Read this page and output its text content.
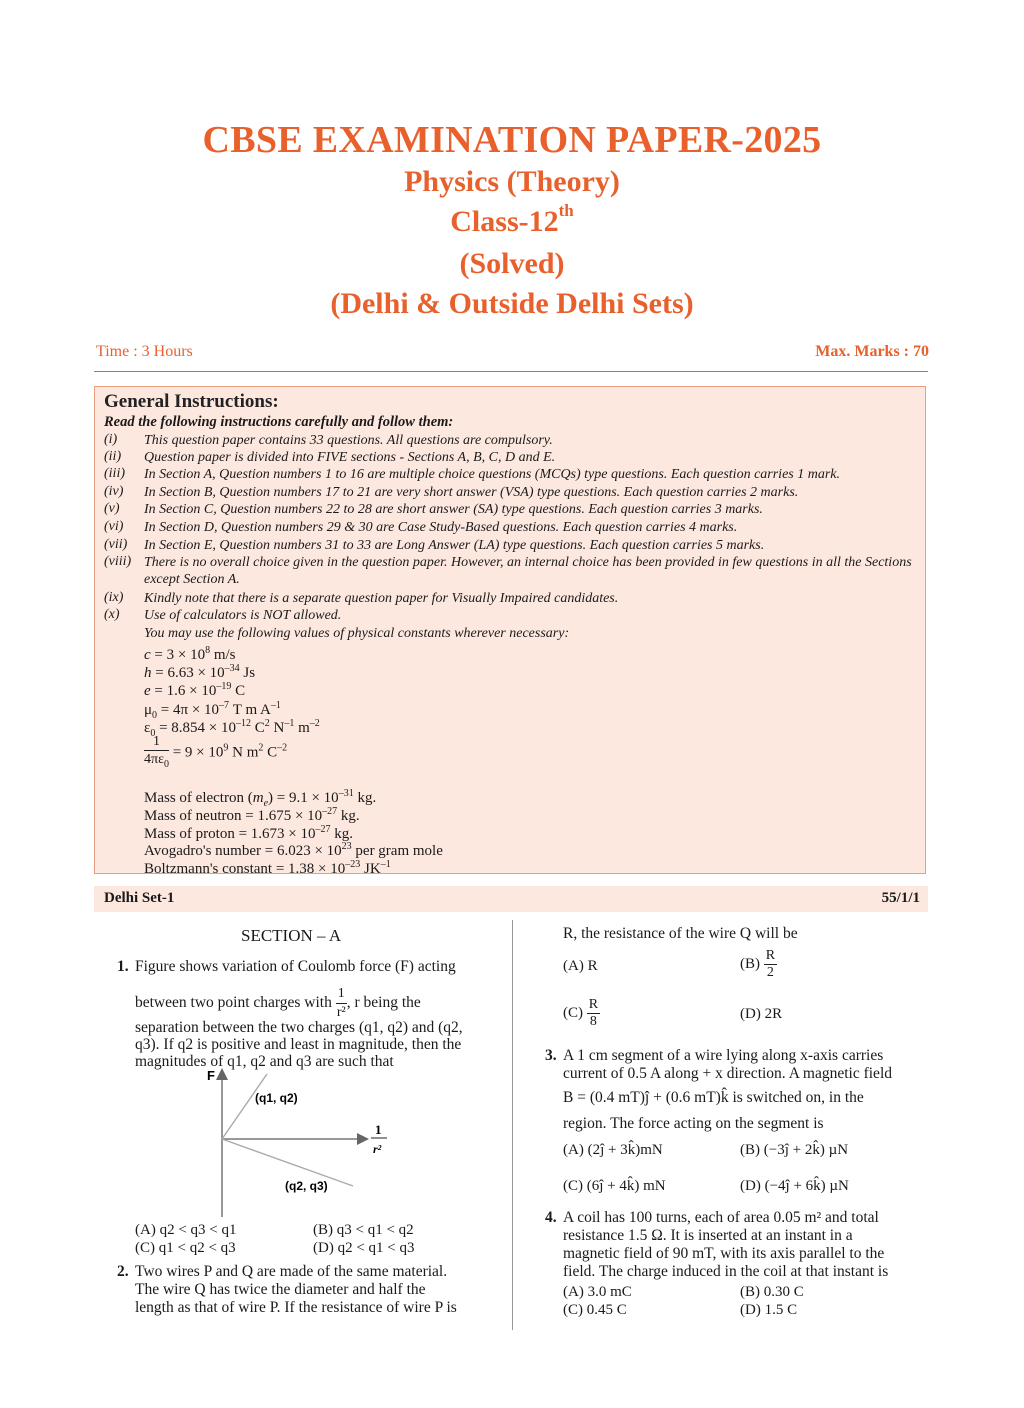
CBSE EXAMINATION PAPER-2025
Physics (Theory)
Class-12th
(Solved)
(Delhi & Outside Delhi Sets)
Time : 3 Hours	Max. Marks : 70
General Instructions:
Read the following instructions carefully and follow them:
(i) This question paper contains 33 questions. All questions are compulsory.
(ii) Question paper is divided into FIVE sections - Sections A, B, C, D and E.
(iii) In Section A, Question numbers 1 to 16 are multiple choice questions (MCQs) type questions. Each question carries 1 mark.
(iv) In Section B, Question numbers 17 to 21 are very short answer (VSA) type questions. Each question carries 2 marks.
(v) In Section C, Question numbers 22 to 28 are short answer (SA) type questions. Each question carries 3 marks.
(vi) In Section D, Question numbers 29 & 30 are Case Study-Based questions. Each question carries 4 marks.
(vii) In Section E, Question numbers 31 to 33 are Long Answer (LA) type questions. Each question carries 5 marks.
(viii) There is no overall choice given in the question paper. However, an internal choice has been provided in few questions in all the Sections except Section A.
(ix) Kindly note that there is a separate question paper for Visually Impaired candidates.
(x) Use of calculators is NOT allowed.
You may use the following values of physical constants wherever necessary:
$c = 3 \times 10^8$ m/s
$h = 6.63 \times 10^{-34}$ Js
$e = 1.6 \times 10^{-19}$ C
$\mu_0 = 4\pi \times 10^{-7}$ T m $A^{-1}$
$\varepsilon_0 = 8.854 \times 10^{-12}$ $C^2$ $N^{-1}$ $m^{-2}$
$\frac{1}{4\pi\varepsilon_0} = 9 \times 10^9$ N $m^2$ $C^{-2}$
Mass of electron $(m_e) = 9.1 \times 10^{-31}$ kg.
Mass of neutron = $1.675 \times 10^{-27}$ kg.
Mass of proton = $1.673 \times 10^{-27}$ kg.
Avogadro's number = $6.023 \times 10^{23}$ per gram mole
Boltzmann's constant = $1.38 \times 10^{-23}$ $JK^{-1}$
Delhi Set-1	55/1/1
SECTION – A
1. Figure shows variation of Coulomb force (F) acting
between two point charges with $\frac{1}{\text{r²}}$ , r being the
separation between the two charges (q1, q2) and (q2,
q3). If q2 is positive and least in magnitude, then the
magnitudes of q1, q2 and q3 are such that
F
1
r²
(q1, q2)
(q2, q3)
(A) q2 < q3 < q1	(B) q3 < q1 < q2
(C) q1 < q2 < q3	(D) q2 < q1 < q3
2. Two wires P and Q are made of the same material.
The wire Q has twice the diameter and half the
length as that of wire P. If the resistance of wire P is
R, the resistance of the wire Q will be
(A) R	$(B) \frac{R}{2}$
$(C) \frac{R}{8}$	(D) 2R
3. A 1 cm segment of a wire lying along x-axis carries
current of 0.5 A along + x direction. A magnetic field
B = (0.4 mT)ĵ + (0.6 mT)k̂ is switched on, in the
region. The force acting on the segment is
(A) (2ĵ + 3k̂)mN	(B) (−3ĵ + 2k̂) µN
(C) (6ĵ + 4k̂) mN	(D) (−4ĵ + 6k̂) µN
4. A coil has 100 turns, each of area 0.05 m² and total
resistance 1.5 Ω. It is inserted at an instant in a
magnetic field of 90 mT, with its axis parallel to the
field. The charge induced in the coil at that instant is
(A) 3.0 mC	(B) 0.30 C
(C) 0.45 C	(D) 1.5 C
